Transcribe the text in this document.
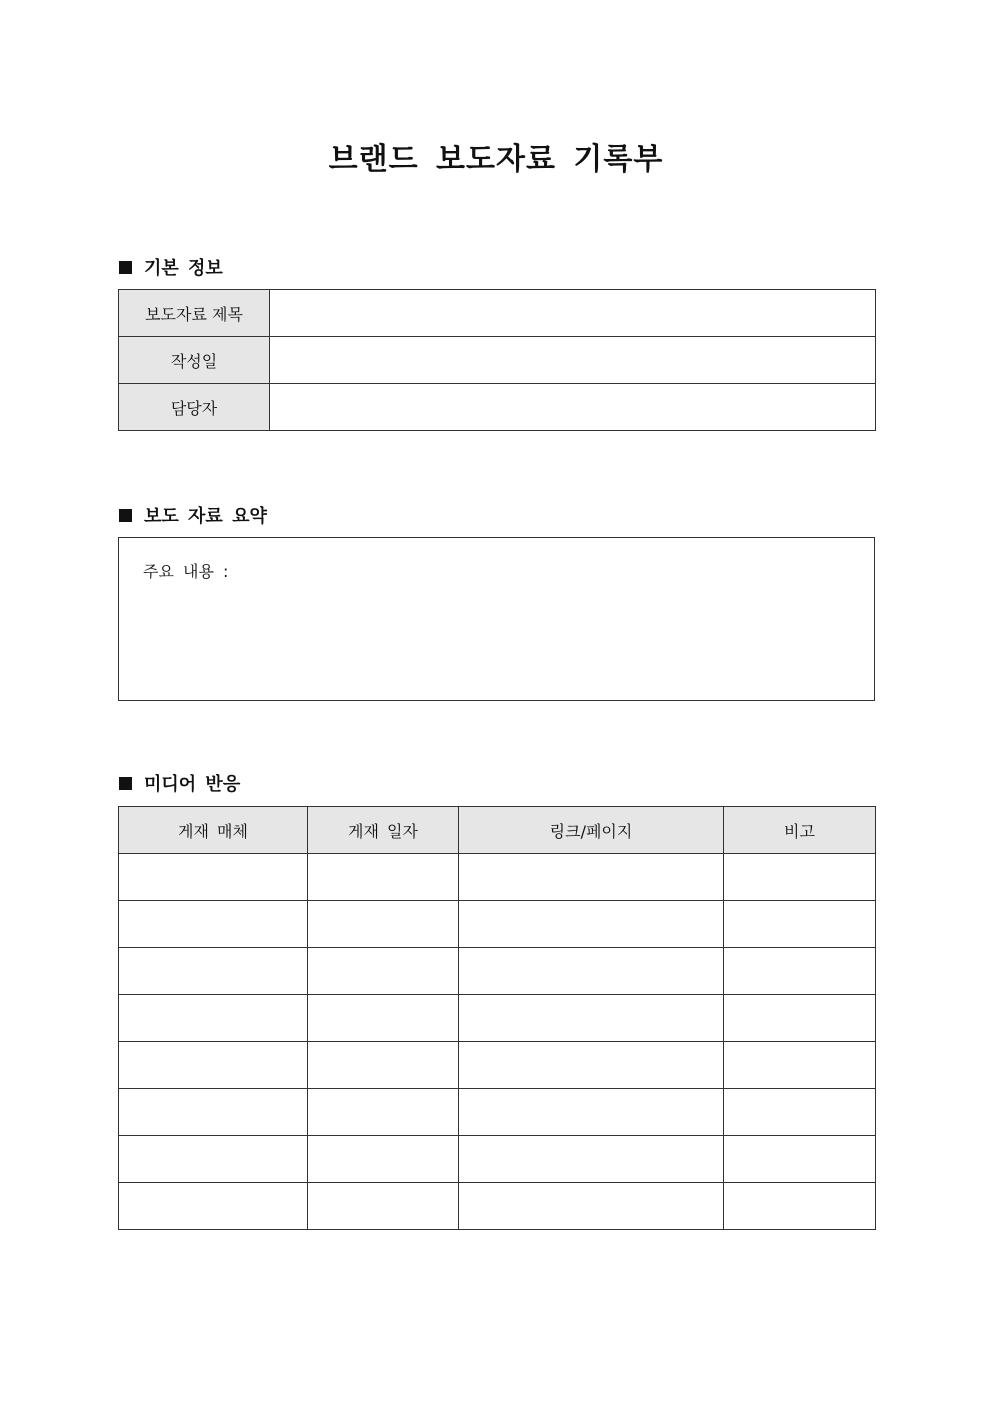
브랜드 보도자료 기록부
기본 정보
보도자료 제목	
작성일	
담당자	
보도 자료 요약
주요 내용 :
미디어 반응
게재 매체	게재 일자	링크/페이지	비고
